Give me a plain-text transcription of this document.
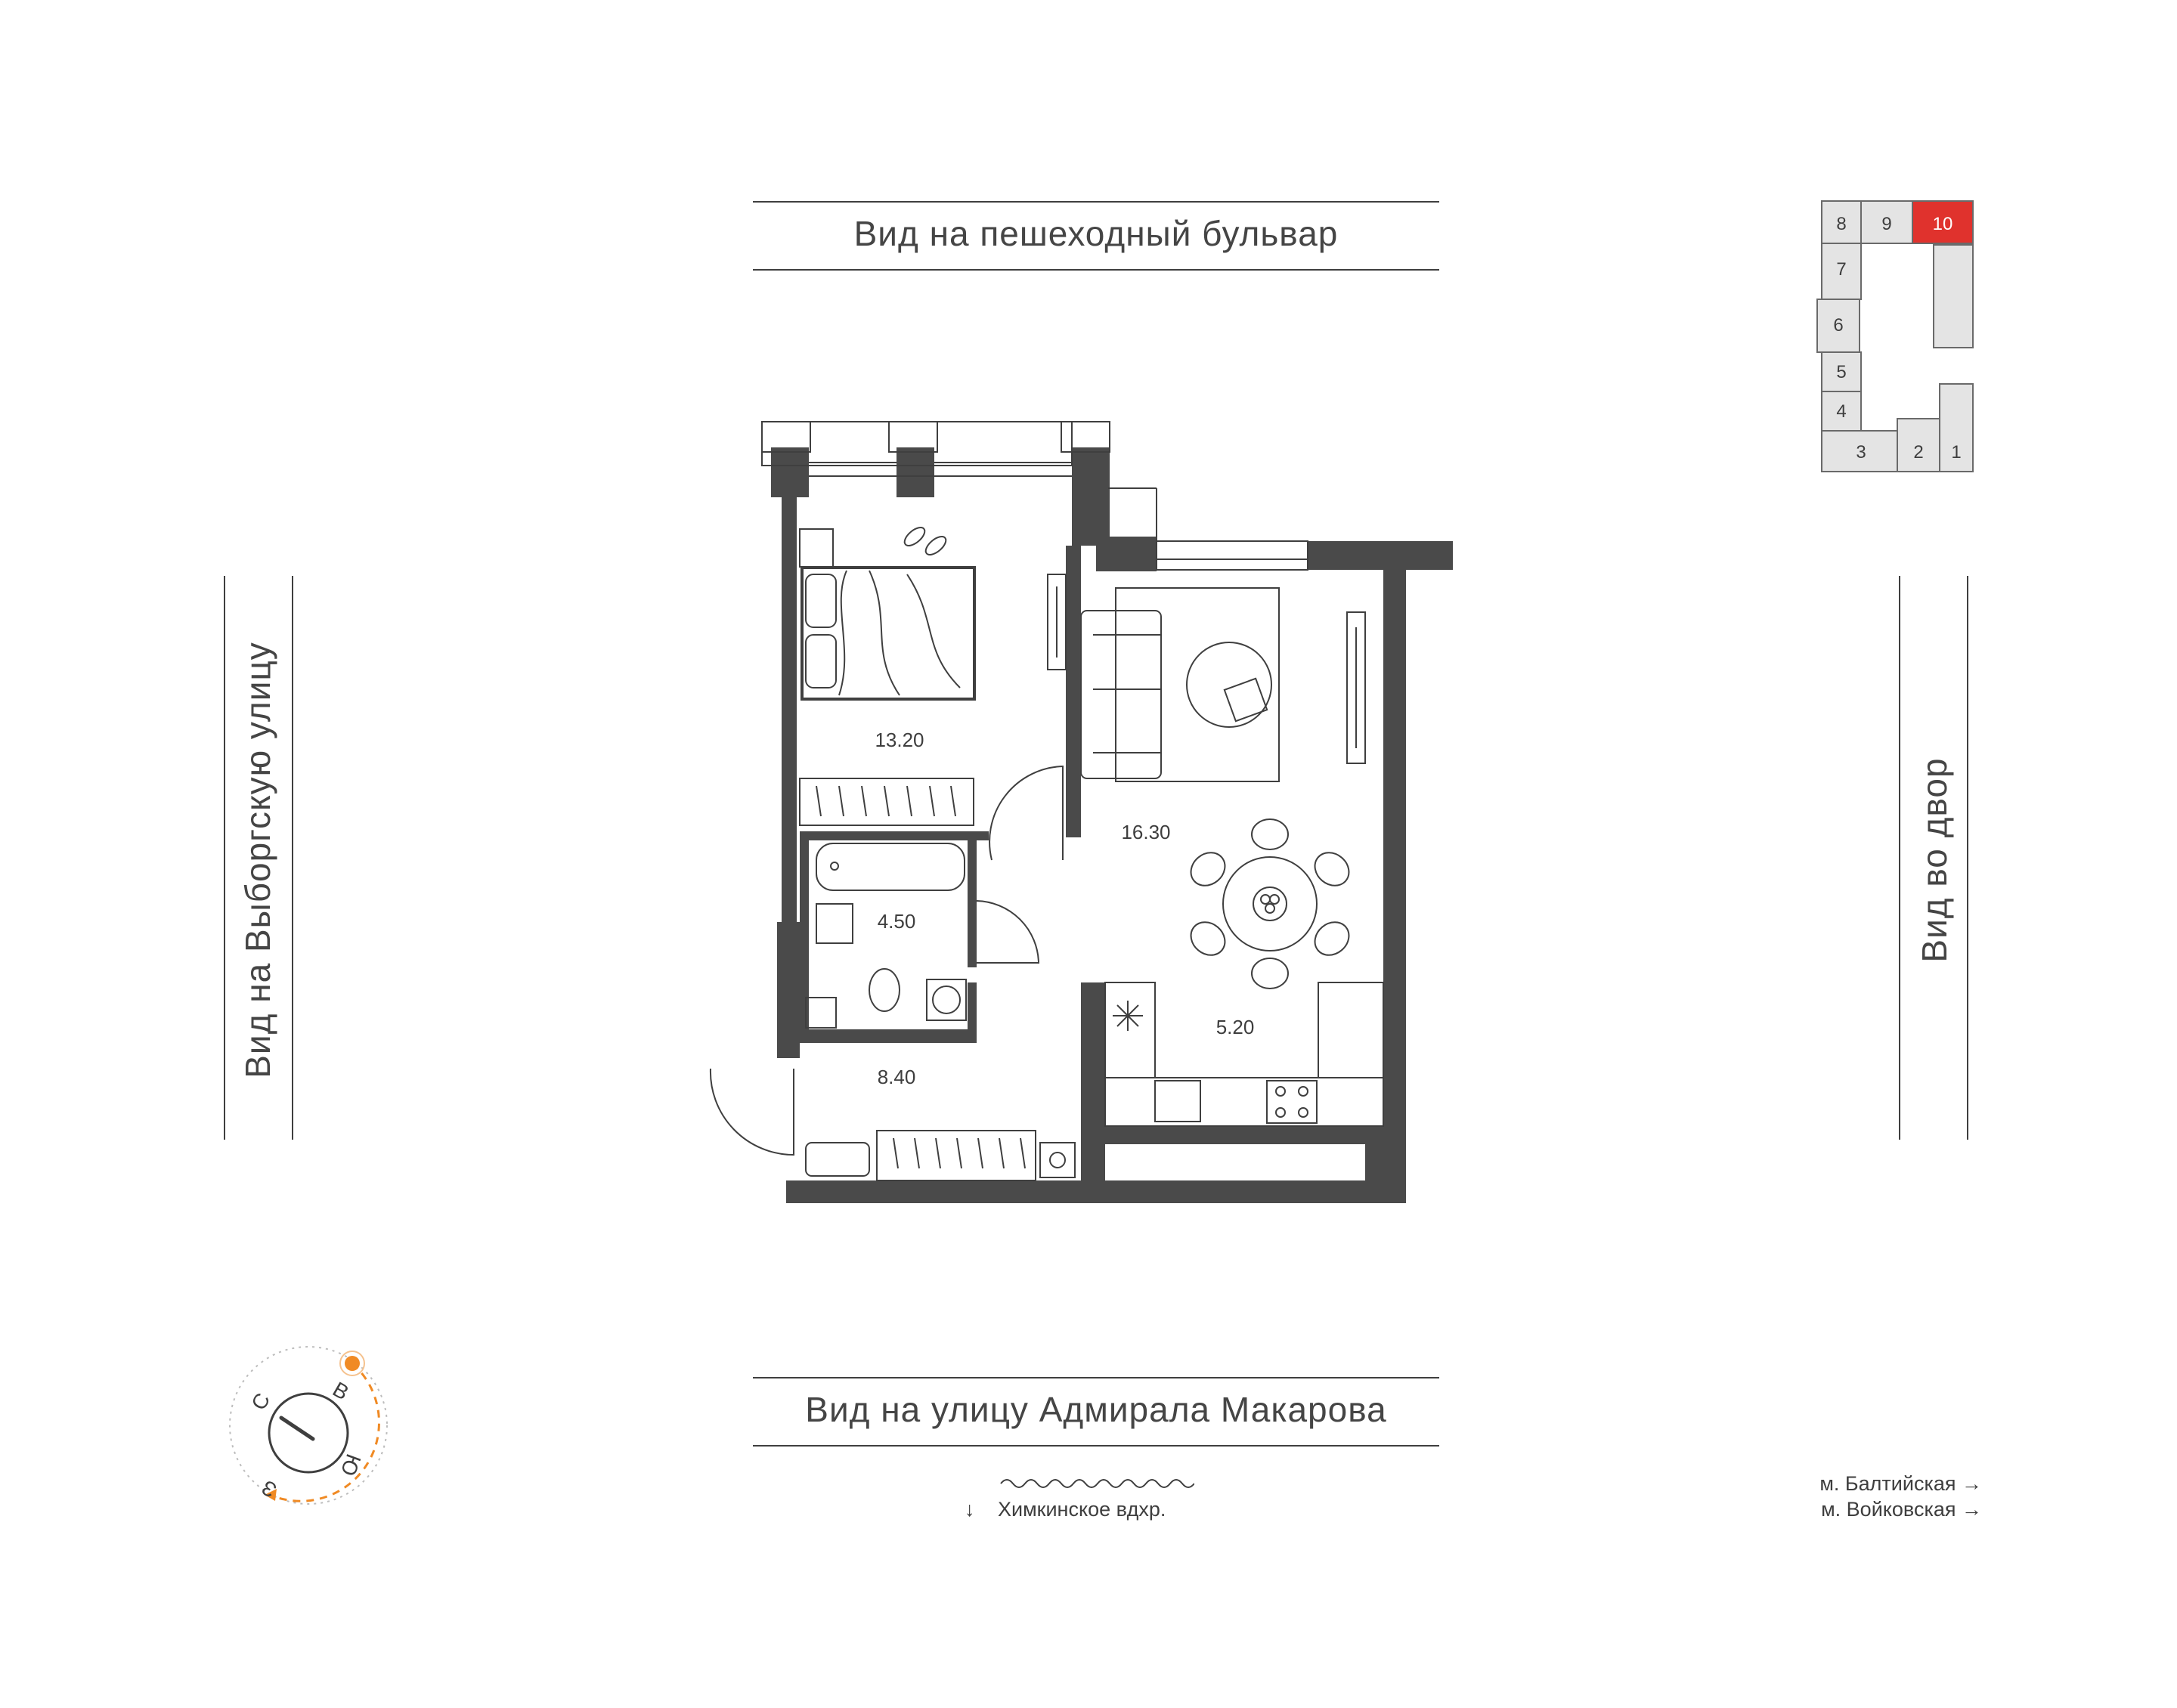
Вид на пешеходный бульвар
Вид на улицу Адмирала Макарова
Вид на Выборгскую улицу	Вид во двор
13.20
16.30
4.50
5.20
8.40
8 9 10
7
6
5
4
3	2 1
С	В
Ю
З
↓ Химкинское вдхр.
м. Балтийская →
м. Войковская →
